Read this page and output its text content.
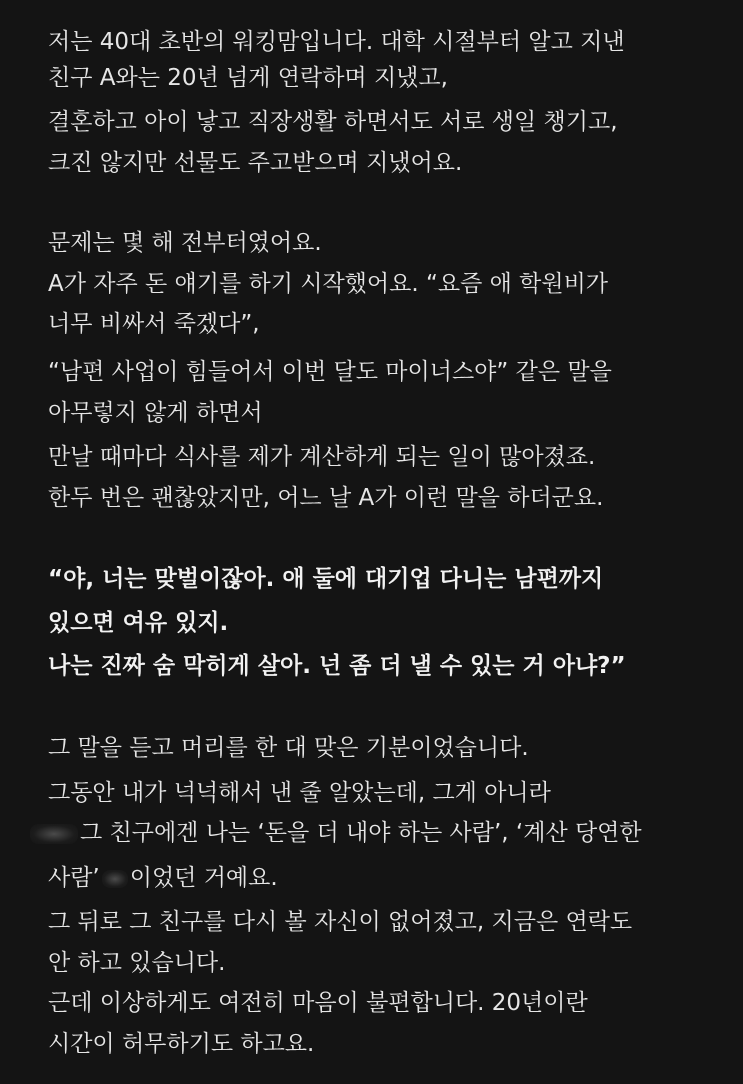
저는 40대 초반의 워킹맘입니다. 대학 시절부터 알고 지낸
친구 A와는 20년 넘게 연락하며 지냈고,
결혼하고 아이 낳고 직장생활 하면서도 서로 생일 챙기고,
크진 않지만 선물도 주고받으며 지냈어요.
문제는 몇 해 전부터였어요.
A가 자주 돈 얘기를 하기 시작했어요. “요즘 애 학원비가
너무 비싸서 죽겠다”,
“남편 사업이 힘들어서 이번 달도 마이너스야” 같은 말을
아무렇지 않게 하면서
만날 때마다 식사를 제가 계산하게 되는 일이 많아졌죠.
한두 번은 괜찮았지만, 어느 날 A가 이런 말을 하더군요.
“야, 너는 맞벌이잖아. 애 둘에 대기업 다니는 남편까지
있으면 여유 있지.
나는 진짜 숨 막히게 살아. 넌 좀 더 낼 수 있는 거 아냐?”
그 말을 듣고 머리를 한 대 맞은 기분이었습니다.
그동안 내가 넉넉해서 낸 줄 알았는데, 그게 아니라
그 친구에겐 나는 ‘돈을 더 내야 하는 사람’, ‘계산 당연한
사람’ 이었던 거예요.
그 뒤로 그 친구를 다시 볼 자신이 없어졌고, 지금은 연락도
안 하고 있습니다.
근데 이상하게도 여전히 마음이 불편합니다. 20년이란
시간이 허무하기도 하고요.
